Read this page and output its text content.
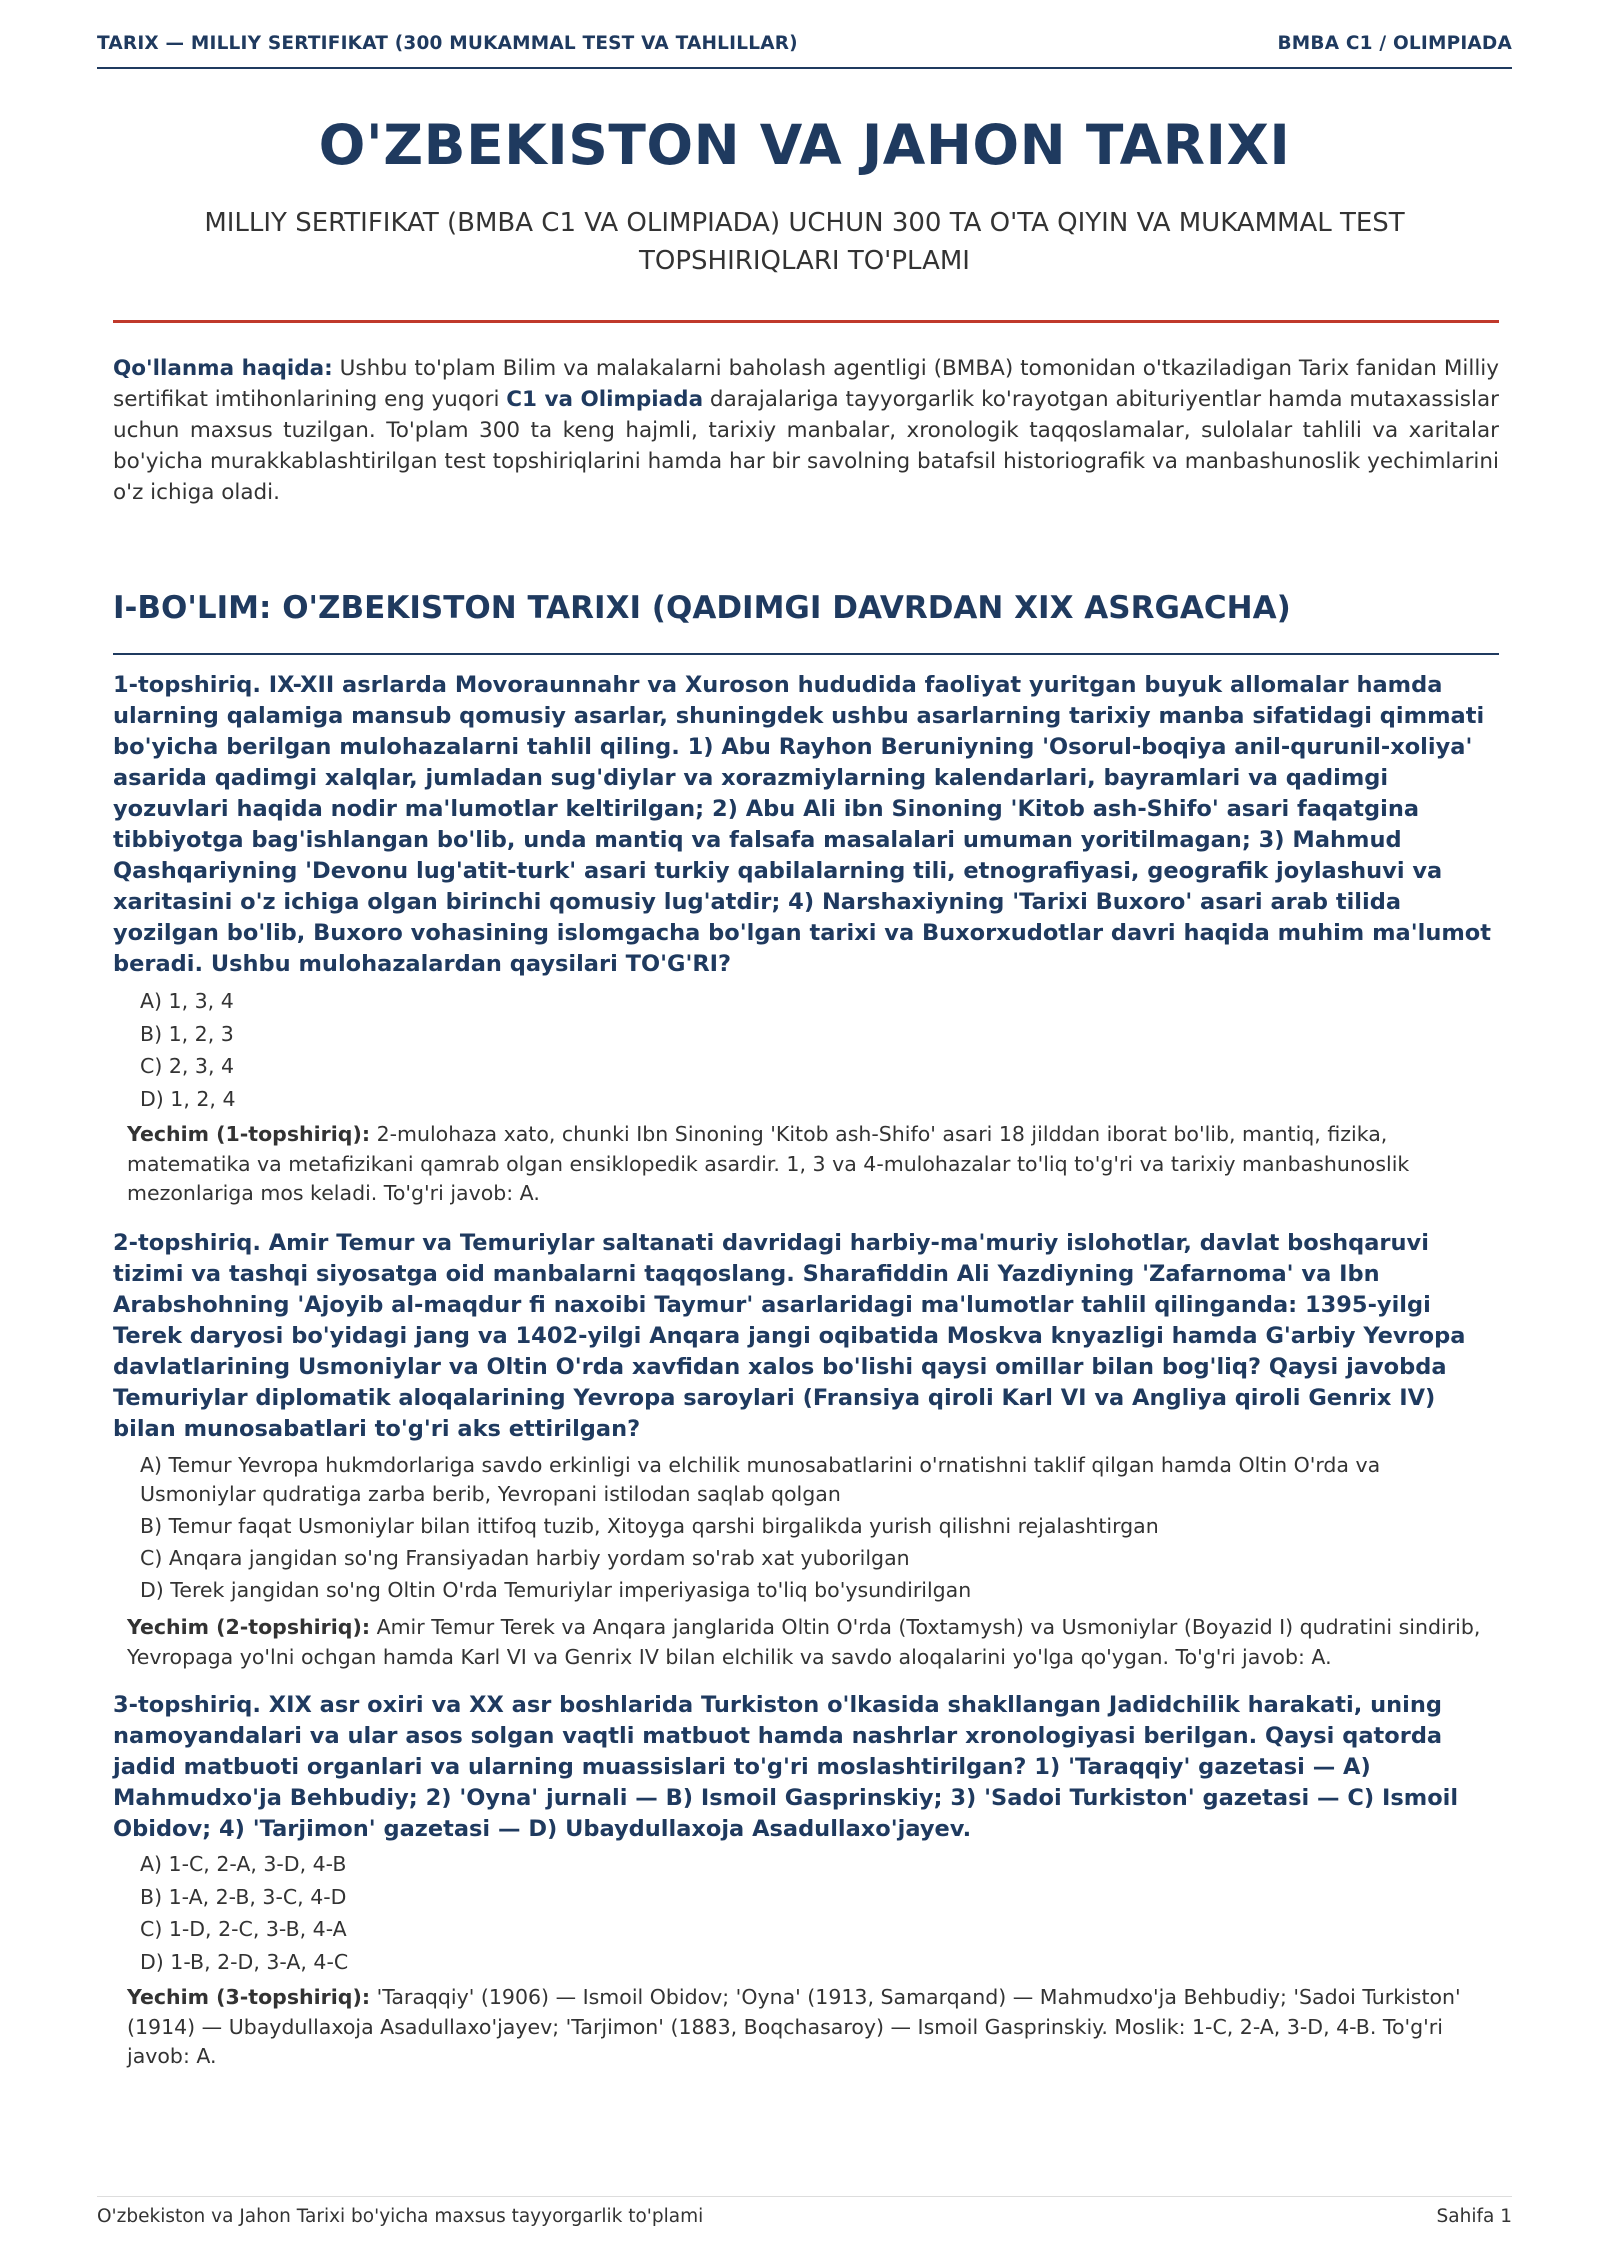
TARIX — MILLIY SERTIFIKAT (300 MUKAMMAL TEST VA TAHLILLAR)	BMBA C1 / OLIMPIADA
O'ZBEKISTON VA JAHON TARIXI

MILLIY SERTIFIKAT (BMBA C1 VA OLIMPIADA) UCHUN 300 TA O'TA QIYIN VA MUKAMMAL TEST TOPSHIRIQLARI TO'PLAMI

Qo'llanma haqida: Ushbu to'plam Bilim va malakalarni baholash agentligi (BMBA) tomonidan o'tkaziladigan Tarix fanidan Milliy sertifikat imtihonlarining eng yuqori C1 va Olimpiada darajalariga tayyorgarlik ko'rayotgan abituriyentlar hamda mutaxassislar uchun maxsus tuzilgan. To'plam 300 ta keng hajmli, tarixiy manbalar, xronologik taqqoslamalar, sulolalar tahlili va xaritalar bo'yicha murakkablashtirilgan test topshiriqlarini hamda har bir savolning batafsil historiografik va manbashunoslik yechimlarini o'z ichiga oladi.

I-BO'LIM: O'ZBEKISTON TARIXI (QADIMGI DAVRDAN XIX ASRGACHA)

1-topshiriq. IX-XII asrlarda Movoraunnahr va Xuroson hududida faoliyat yuritgan buyuk allomalar hamda ularning qalamiga mansub qomusiy asarlar, shuningdek ushbu asarlarning tarixiy manba sifatidagi qimmati bo'yicha berilgan mulohazalarni tahlil qiling. 1) Abu Rayhon Beruniyning 'Osorul-boqiya anil-qurunil-xoliya' asarida qadimgi xalqlar, jumladan sug'diylar va xorazmiylarning kalendarlari, bayramlari va qadimgi yozuvlari haqida nodir ma'lumotlar keltirilgan; 2) Abu Ali ibn Sinoning 'Kitob ash-Shifo' asari faqatgina tibbiyotga bag'ishlangan bo'lib, unda mantiq va falsafa masalalari umuman yoritilmagan; 3) Mahmud Qashqariyning 'Devonu lug'atit-turk' asari turkiy qabilalarning tili, etnografiyasi, geografik joylashuvi va xaritasini o'z ichiga olgan birinchi qomusiy lug'atdir; 4) Narshaxiyning 'Tarixi Buxoro' asari arab tilida yozilgan bo'lib, Buxoro vohasining islomgacha bo'lgan tarixi va Buxorxudotlar davri haqida muhim ma'lumot beradi. Ushbu mulohazalardan qaysilari TO'G'RI?

A) 1, 3, 4
B) 1, 2, 3
C) 2, 3, 4
D) 1, 2, 4

Yechim (1-topshiriq): 2-mulohaza xato, chunki Ibn Sinoning 'Kitob ash-Shifo' asari 18 jilddan iborat bo'lib, mantiq, fizika, matematika va metafizikani qamrab olgan ensiklopedik asardir. 1, 3 va 4-mulohazalar to'liq to'g'ri va tarixiy manbashunoslik mezonlariga mos keladi. To'g'ri javob: A.

2-topshiriq. Amir Temur va Temuriylar saltanati davridagi harbiy-ma'muriy islohotlar, davlat boshqaruvi tizimi va tashqi siyosatga oid manbalarni taqqoslang. Sharafiddin Ali Yazdiyning 'Zafarnoma' va Ibn Arabshohning 'Ajoyib al-maqdur fi naxoibi Taymur' asarlaridagi ma'lumotlar tahlil qilinganda: 1395-yilgi Terek daryosi bo'yidagi jang va 1402-yilgi Anqara jangi oqibatida Moskva knyazligi hamda G'arbiy Yevropa davlatlarining Usmoniylar va Oltin O'rda xavfidan xalos bo'lishi qaysi omillar bilan bog'liq? Qaysi javobda Temuriylar diplomatik aloqalarining Yevropa saroylari (Fransiya qiroli Karl VI va Angliya qiroli Genrix IV) bilan munosabatlari to'g'ri aks ettirilgan?

A) Temur Yevropa hukmdorlariga savdo erkinligi va elchilik munosabatlarini o'rnatishni taklif qilgan hamda Oltin O'rda va Usmoniylar qudratiga zarba berib, Yevropani istilodan saqlab qolgan
B) Temur faqat Usmoniylar bilan ittifoq tuzib, Xitoyga qarshi birgalikda yurish qilishni rejalashtirgan
C) Anqara jangidan so'ng Fransiyadan harbiy yordam so'rab xat yuborilgan
D) Terek jangidan so'ng Oltin O'rda Temuriylar imperiyasiga to'liq bo'ysundirilgan

Yechim (2-topshiriq): Amir Temur Terek va Anqara janglarida Oltin O'rda (Toxtamysh) va Usmoniylar (Boyazid I) qudratini sindirib, Yevropaga yo'lni ochgan hamda Karl VI va Genrix IV bilan elchilik va savdo aloqalarini yo'lga qo'ygan. To'g'ri javob: A.

3-topshiriq. XIX asr oxiri va XX asr boshlarida Turkiston o'lkasida shakllangan Jadidchilik harakati, uning namoyandalari va ular asos solgan vaqtli matbuot hamda nashrlar xronologiyasi berilgan. Qaysi qatorda jadid matbuoti organlari va ularning muassislari to'g'ri moslashtirilgan? 1) 'Taraqqiy' gazetasi — A) Mahmudxo'ja Behbudiy; 2) 'Oyna' jurnali — B) Ismoil Gasprinskiy; 3) 'Sadoi Turkiston' gazetasi — C) Ismoil Obidov; 4) 'Tarjimon' gazetasi — D) Ubaydullaxoja Asadullaxo'jayev.

A) 1-C, 2-A, 3-D, 4-B
B) 1-A, 2-B, 3-C, 4-D
C) 1-D, 2-C, 3-B, 4-A
D) 1-B, 2-D, 3-A, 4-C

Yechim (3-topshiriq): 'Taraqqiy' (1906) — Ismoil Obidov; 'Oyna' (1913, Samarqand) — Mahmudxo'ja Behbudiy; 'Sadoi Turkiston' (1914) — Ubaydullaxoja Asadullaxo'jayev; 'Tarjimon' (1883, Boqchasaroy) — Ismoil Gasprinskiy. Moslik: 1-C, 2-A, 3-D, 4-B. To'g'ri javob: A.

O'zbekiston va Jahon Tarixi bo'yicha maxsus tayyorgarlik to'plami	Sahifa 1
